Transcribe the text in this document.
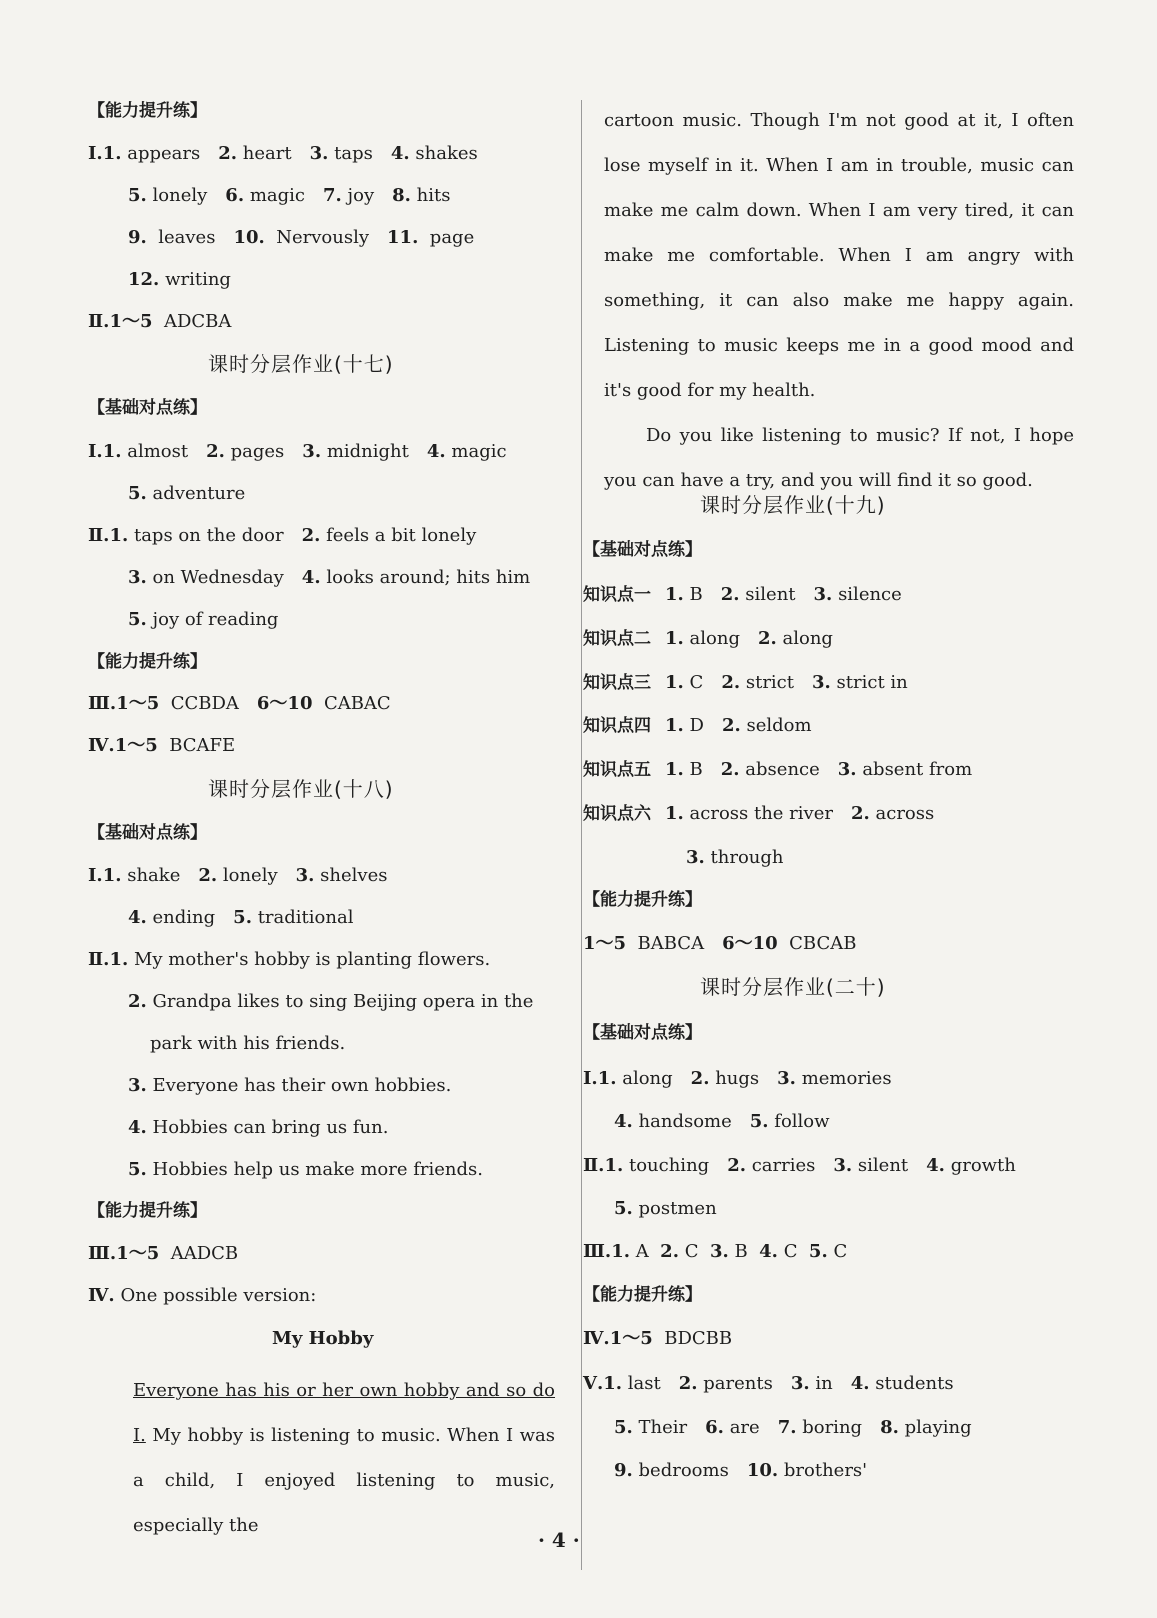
【能力提升练】
Ⅰ.1. appears 2. heart 3. taps 4. shakes
5. lonely 6. magic 7. joy 8. hits
9. leaves 10. Nervously 11. page
12. writing
Ⅱ.1～5 ADCBA
课时分层作业(十七)
【基础对点练】
Ⅰ.1. almost 2. pages 3. midnight 4. magic
5. adventure
Ⅱ.1. taps on the door 2. feels a bit lonely
3. on Wednesday 4. looks around; hits him
5. joy of reading
【能力提升练】
Ⅲ.1～5 CCBDA 6～10 CABAC
Ⅳ.1～5 BCAFE
课时分层作业(十八)
【基础对点练】
Ⅰ.1. shake 2. lonely 3. shelves
4. ending 5. traditional
Ⅱ.1. My mother's hobby is planting flowers.
2. Grandpa likes to sing Beijing opera in the
park with his friends.
3. Everyone has their own hobbies.
4. Hobbies can bring us fun.
5. Hobbies help us make more friends.
【能力提升练】
Ⅲ.1～5 AADCB
Ⅳ. One possible version:
My Hobby

Everyone has his or her own hobby and so do I. My hobby is listening to music. When I was a child, I enjoyed listening to music, especially the

cartoon music. Though I'm not good at it, I often lose myself in it. When I am in trouble, music can make me calm down. When I am very tired, it can make me comfortable. When I am angry with something, it can also make me happy again. Listening to music keeps me in a good mood and it's good for my health.

Do you like listening to music? If not, I hope you can have a try, and you will find it so good.

课时分层作业(十九)
【基础对点练】
知识点一 1. B 2. silent 3. silence
知识点二 1. along 2. along
知识点三 1. C 2. strict 3. strict in
知识点四 1. D 2. seldom
知识点五 1. B 2. absence 3. absent from
知识点六 1. across the river 2. across
3. through
【能力提升练】
1～5 BABCA 6～10 CBCAB
课时分层作业(二十)
【基础对点练】
Ⅰ.1. along 2. hugs 3. memories
4. handsome 5. follow
Ⅱ.1. touching 2. carries 3. silent 4. growth
5. postmen
Ⅲ.1. A 2. C 3. B 4. C 5. C
【能力提升练】
Ⅳ.1～5 BDCBB
Ⅴ.1. last 2. parents 3. in 4. students
5. Their 6. are 7. boring 8. playing
9. bedrooms 10. brothers'
· 4 ·
